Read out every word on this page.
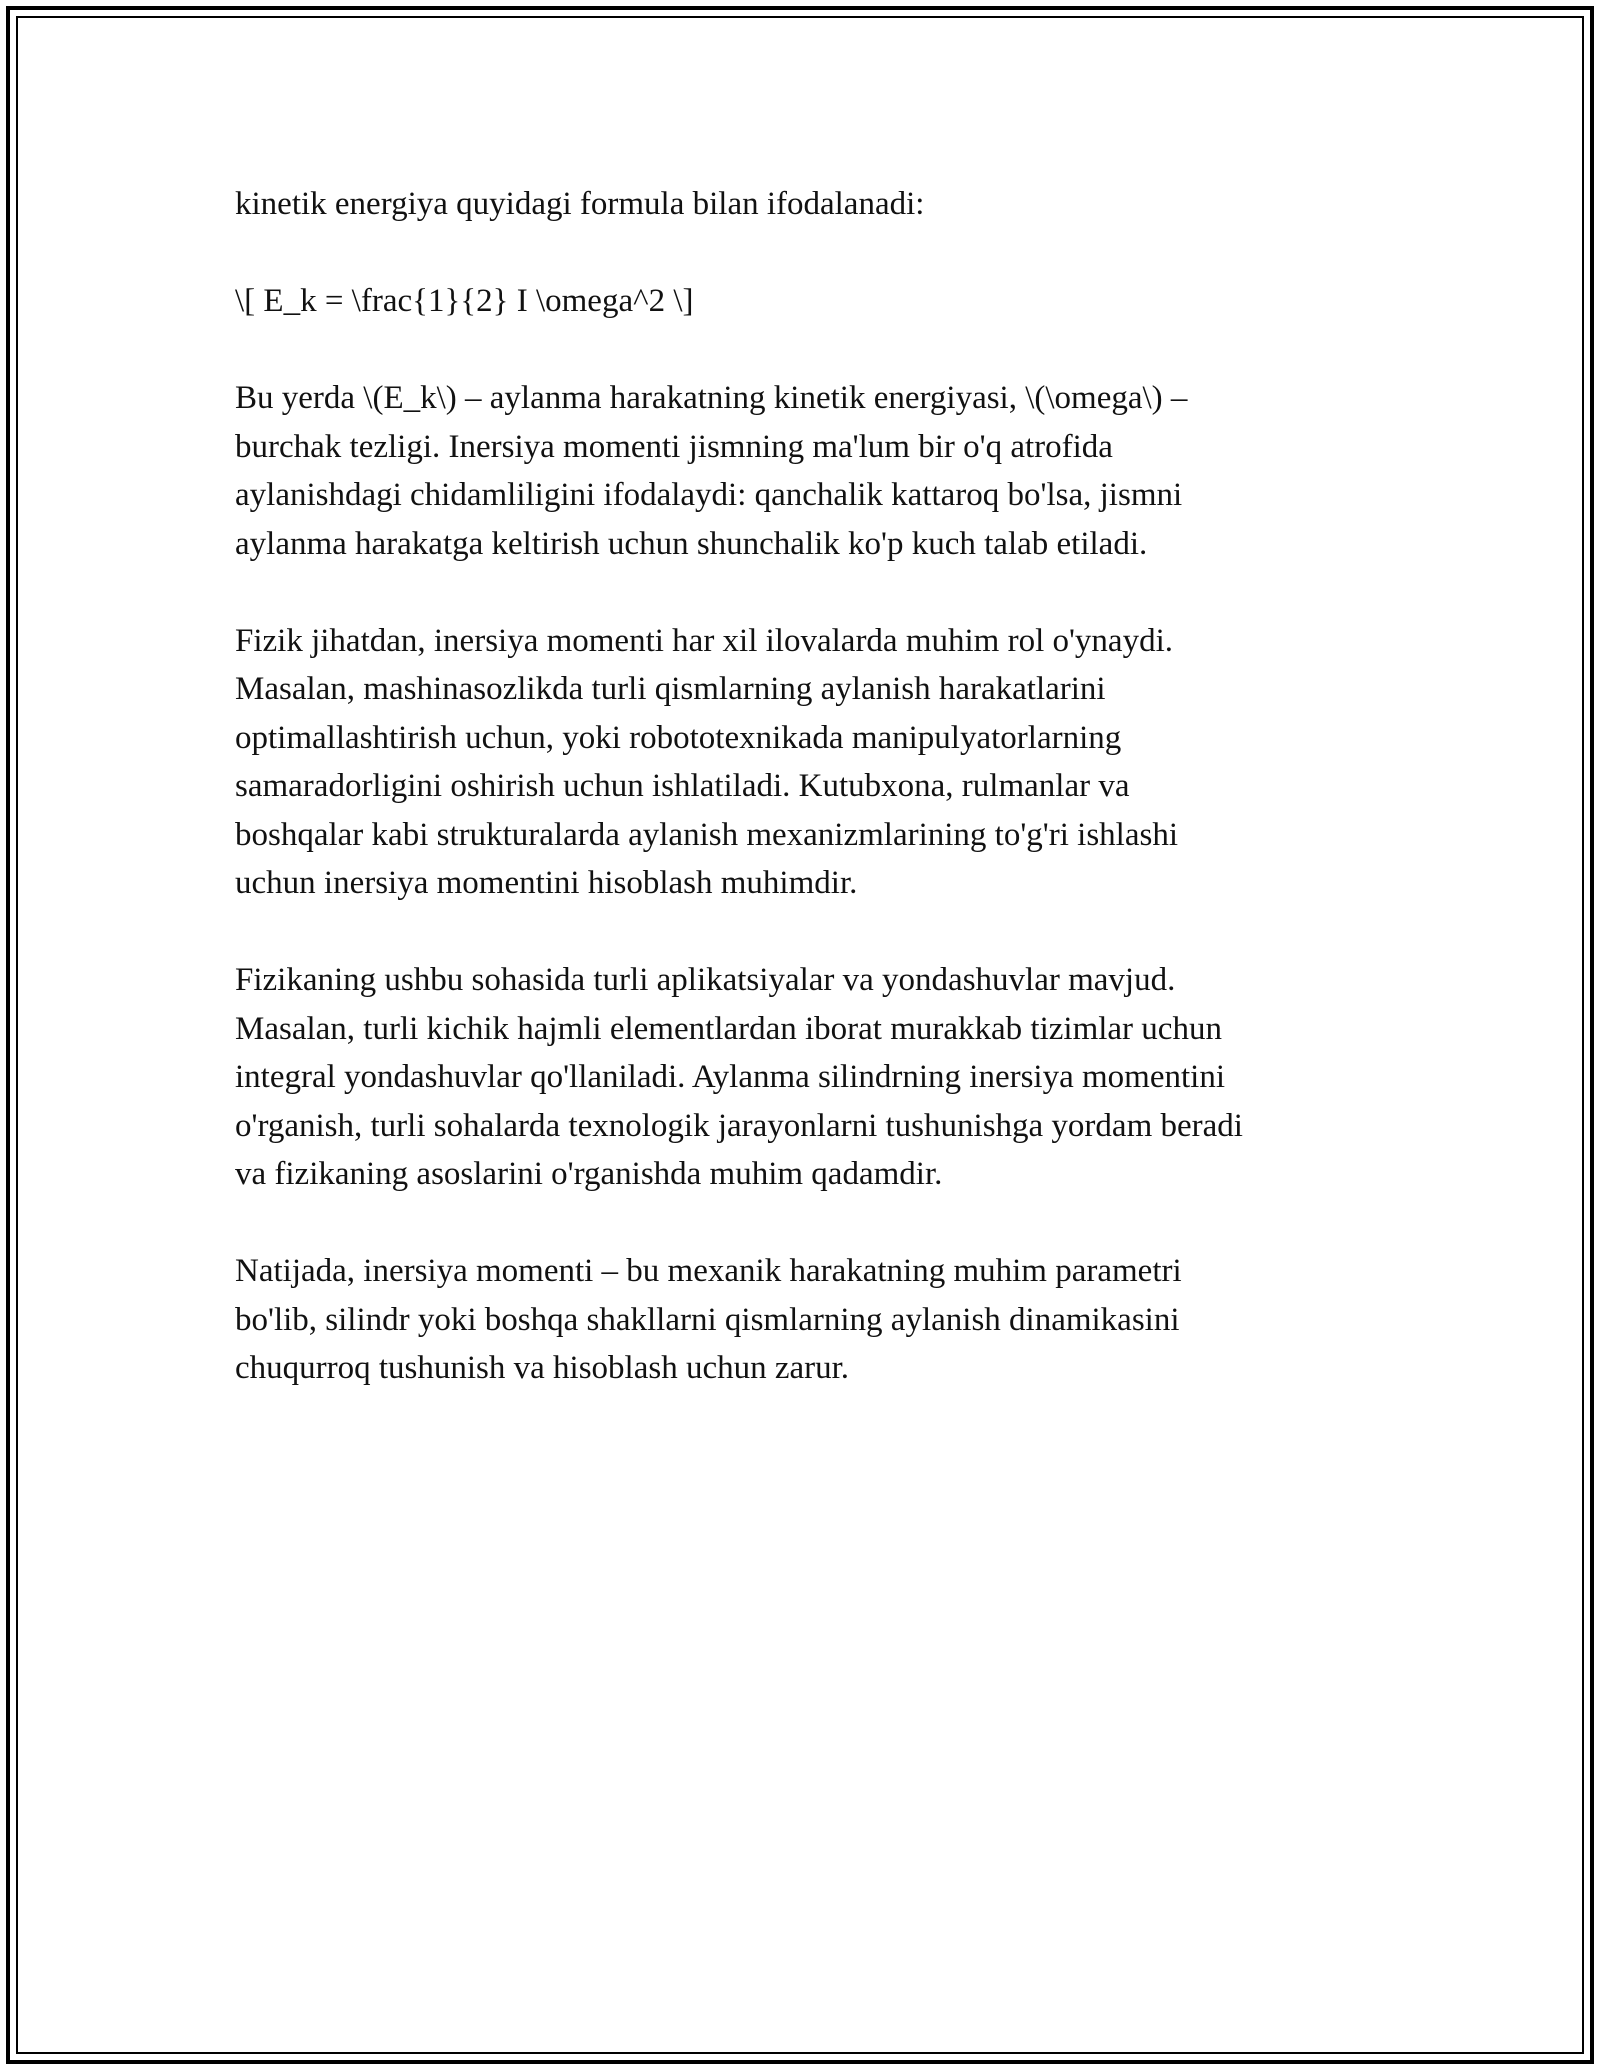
kinetik energiya quyidagi formula bilan ifodalanadi:

\[ E_k = \frac{1}{2} I \omega^2 \]

Bu yerda \(E_k\) – aylanma harakatning kinetik energiyasi, \(\omega\) –
burchak tezligi. Inersiya momenti jismning ma'lum bir o'q atrofida
aylanishdagi chidamliligini ifodalaydi: qanchalik kattaroq bo'lsa, jismni
aylanma harakatga keltirish uchun shunchalik ko'p kuch talab etiladi.

Fizik jihatdan, inersiya momenti har xil ilovalarda muhim rol o'ynaydi.
Masalan, mashinasozlikda turli qismlarning aylanish harakatlarini
optimallashtirish uchun, yoki robototexnikada manipulyatorlarning
samaradorligini oshirish uchun ishlatiladi. Kutubxona, rulmanlar va
boshqalar kabi strukturalarda aylanish mexanizmlarining to'g'ri ishlashi
uchun inersiya momentini hisoblash muhimdir.

Fizikaning ushbu sohasida turli aplikatsiyalar va yondashuvlar mavjud.
Masalan, turli kichik hajmli elementlardan iborat murakkab tizimlar uchun
integral yondashuvlar qo'llaniladi. Aylanma silindrning inersiya momentini
o'rganish, turli sohalarda texnologik jarayonlarni tushunishga yordam beradi
va fizikaning asoslarini o'rganishda muhim qadamdir.

Natijada, inersiya momenti – bu mexanik harakatning muhim parametri
bo'lib, silindr yoki boshqa shakllarni qismlarning aylanish dinamikasini
chuqurroq tushunish va hisoblash uchun zarur.
